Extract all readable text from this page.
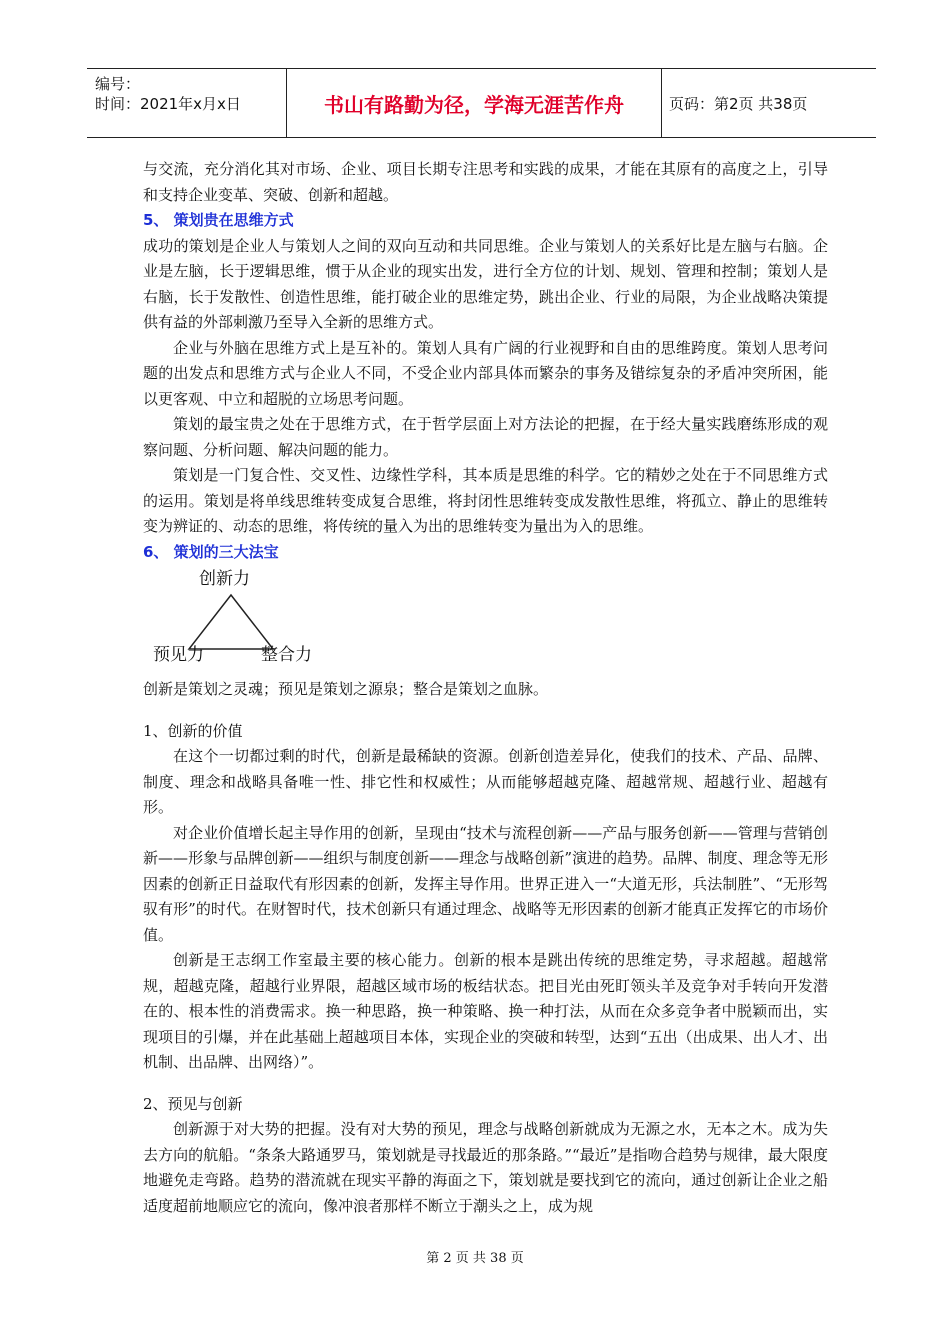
编号：
时间：2021年x月x日	书山有路勤为径，学海无涯苦作舟	页码：第2页 共38页

与交流，充分消化其对市场、企业、项目长期专注思考和实践的成果，才能在其原有的高度之上，引导和支持企业变革、突破、创新和超越。

5、 策划贵在思维方式

成功的策划是企业人与策划人之间的双向互动和共同思维。企业与策划人的关系好比是左脑与右脑。企业是左脑，长于逻辑思维，惯于从企业的现实出发，进行全方位的计划、规划、管理和控制；策划人是右脑，长于发散性、创造性思维，能打破企业的思维定势，跳出企业、行业的局限，为企业战略决策提供有益的外部刺激乃至导入全新的思维方式。

企业与外脑在思维方式上是互补的。策划人具有广阔的行业视野和自由的思维跨度。策划人思考问题的出发点和思维方式与企业人不同，不受企业内部具体而繁杂的事务及错综复杂的矛盾冲突所困，能以更客观、中立和超脱的立场思考问题。

策划的最宝贵之处在于思维方式，在于哲学层面上对方法论的把握，在于经大量实践磨练形成的观察问题、分析问题、解决问题的能力。

策划是一门复合性、交叉性、边缘性学科，其本质是思维的科学。它的精妙之处在于不同思维方式的运用。策划是将单线思维转变成复合思维，将封闭性思维转变成发散性思维，将孤立、静止的思维转变为辨证的、动态的思维，将传统的量入为出的思维转变为量出为入的思维。

6、 策划的三大法宝

创新力
预见力	整合力

创新是策划之灵魂；预见是策划之源泉；整合是策划之血脉。

1、创新的价值

在这个一切都过剩的时代，创新是最稀缺的资源。创新创造差异化，使我们的技术、产品、品牌、制度、理念和战略具备唯一性、排它性和权威性；从而能够超越克隆、超越常规、超越行业、超越有形。

对企业价值增长起主导作用的创新，呈现由“技术与流程创新——产品与服务创新——管理与营销创新——形象与品牌创新——组织与制度创新——理念与战略创新”演进的趋势。品牌、制度、理念等无形因素的创新正日益取代有形因素的创新，发挥主导作用。世界正进入一“大道无形，兵法制胜”、“无形驾驭有形”的时代。在财智时代，技术创新只有通过理念、战略等无形因素的创新才能真正发挥它的市场价值。

创新是王志纲工作室最主要的核心能力。创新的根本是跳出传统的思维定势，寻求超越。超越常规，超越克隆，超越行业界限，超越区域市场的板结状态。把目光由死盯领头羊及竞争对手转向开发潜在的、根本性的消费需求。换一种思路，换一种策略、换一种打法，从而在众多竞争者中脱颖而出，实现项目的引爆，并在此基础上超越项目本体，实现企业的突破和转型，达到“五出（出成果、出人才、出机制、出品牌、出网络）”。

2、预见与创新

创新源于对大势的把握。没有对大势的预见，理念与战略创新就成为无源之水，无本之木。成为失去方向的航船。“条条大路通罗马，策划就是寻找最近的那条路。”“最近”是指吻合趋势与规律，最大限度地避免走弯路。趋势的潜流就在现实平静的海面之下，策划就是要找到它的流向，通过创新让企业之船适度超前地顺应它的流向，像冲浪者那样不断立于潮头之上，成为规

第 2 页 共 38 页
